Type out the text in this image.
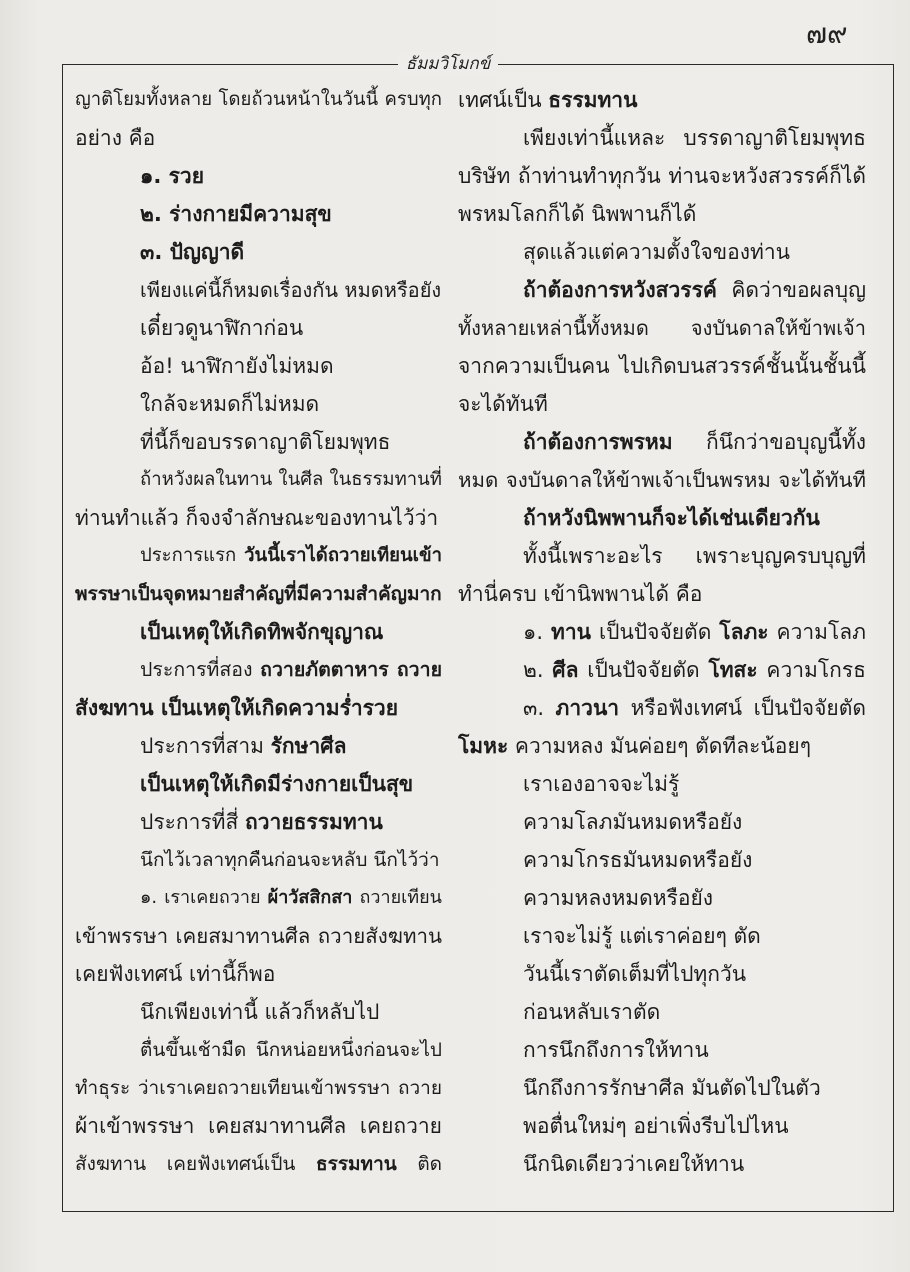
๗๙
ธัมมวิโมกข์
ญาติโยมทั้งหลาย โดยถ้วนหน้าในวันนี้ ครบทุก
อย่าง คือ
๑. รวย
๒. ร่างกายมีความสุข
๓. ปัญญาดี
เพียงแค่นี้ก็หมดเรื่องกัน หมดหรือยัง
เดี๋ยวดูนาฬิกาก่อน
อ้อ! นาฬิกายังไม่หมด
ใกล้จะหมดก็ไม่หมด
ที่นี้ก็ขอบรรดาญาติโยมพุทธ
ถ้าหวังผลในทาน ในศีล ในธรรมทานที่
ท่านทำแล้ว ก็จงจำลักษณะของทานไว้ว่า
ประการแรก วันนี้เราได้ถวายเทียนเข้า
พรรษาเป็นจุดหมายสำคัญที่มีความสำคัญมาก
เป็นเหตุให้เกิดทิพจักขุญาณ
ประการที่สอง ถวายภัตตาหาร ถวาย
สังฆทาน เป็นเหตุให้เกิดความร่ำรวย
ประการที่สาม รักษาศีล
เป็นเหตุให้เกิดมีร่างกายเป็นสุข
ประการที่สี่ ถวายธรรมทาน
นึกไว้เวลาทุกคืนก่อนจะหลับ นึกไว้ว่า
๑. เราเคยถวาย ผ้าวัสสิกสา ถวายเทียน
เข้าพรรษา เคยสมาทานศีล ถวายสังฆทาน
เคยฟังเทศน์ เท่านี้ก็พอ
นึกเพียงเท่านี้ แล้วก็หลับไป
ตื่นขึ้นเช้ามืด นึกหน่อยหนึ่งก่อนจะไป
ทำธุระ ว่าเราเคยถวายเทียนเข้าพรรษา ถวาย
ผ้าเข้าพรรษา เคยสมาทานศีล เคยถวาย
สังฆทาน เคยฟังเทศน์เป็น ธรรมทาน ติด
เทศน์เป็น ธรรมทาน
เพียงเท่านี้แหละ บรรดาญาติโยมพุทธ
บริษัท ถ้าท่านทำทุกวัน ท่านจะหวังสวรรค์ก็ได้
พรหมโลกก็ได้ นิพพานก็ได้
สุดแล้วแต่ความตั้งใจของท่าน
ถ้าต้องการหวังสวรรค์ คิดว่าขอผลบุญ
ทั้งหลายเหล่านี้ทั้งหมด จงบันดาลให้ข้าพเจ้า
จากความเป็นคน ไปเกิดบนสวรรค์ชั้นนั้นชั้นนี้
จะได้ทันที
ถ้าต้องการพรหม ก็นึกว่าขอบุญนี้ทั้ง
หมด จงบันดาลให้ข้าพเจ้าเป็นพรหม จะได้ทันที
ถ้าหวังนิพพานก็จะได้เช่นเดียวกัน
ทั้งนี้เพราะอะไร เพราะบุญครบบุญที่
ทำนี่ครบ เข้านิพพานได้ คือ
๑. ทาน เป็นปัจจัยตัด โลภะ ความโลภ
๒. ศีล เป็นปัจจัยตัด โทสะ ความโกรธ
๓. ภาวนา หรือฟังเทศน์ เป็นปัจจัยตัด
โมหะ ความหลง มันค่อยๆ ตัดทีละน้อยๆ
เราเองอาจจะไม่รู้
ความโลภมันหมดหรือยัง
ความโกรธมันหมดหรือยัง
ความหลงหมดหรือยัง
เราจะไม่รู้ แต่เราค่อยๆ ตัด
วันนี้เราตัดเต็มที่ไปทุกวัน
ก่อนหลับเราตัด
การนึกถึงการให้ทาน
นึกถึงการรักษาศีล มันตัดไปในตัว
พอตื่นใหม่ๆ อย่าเพิ่งรีบไปไหน
นึกนิดเดียวว่าเคยให้ทาน
